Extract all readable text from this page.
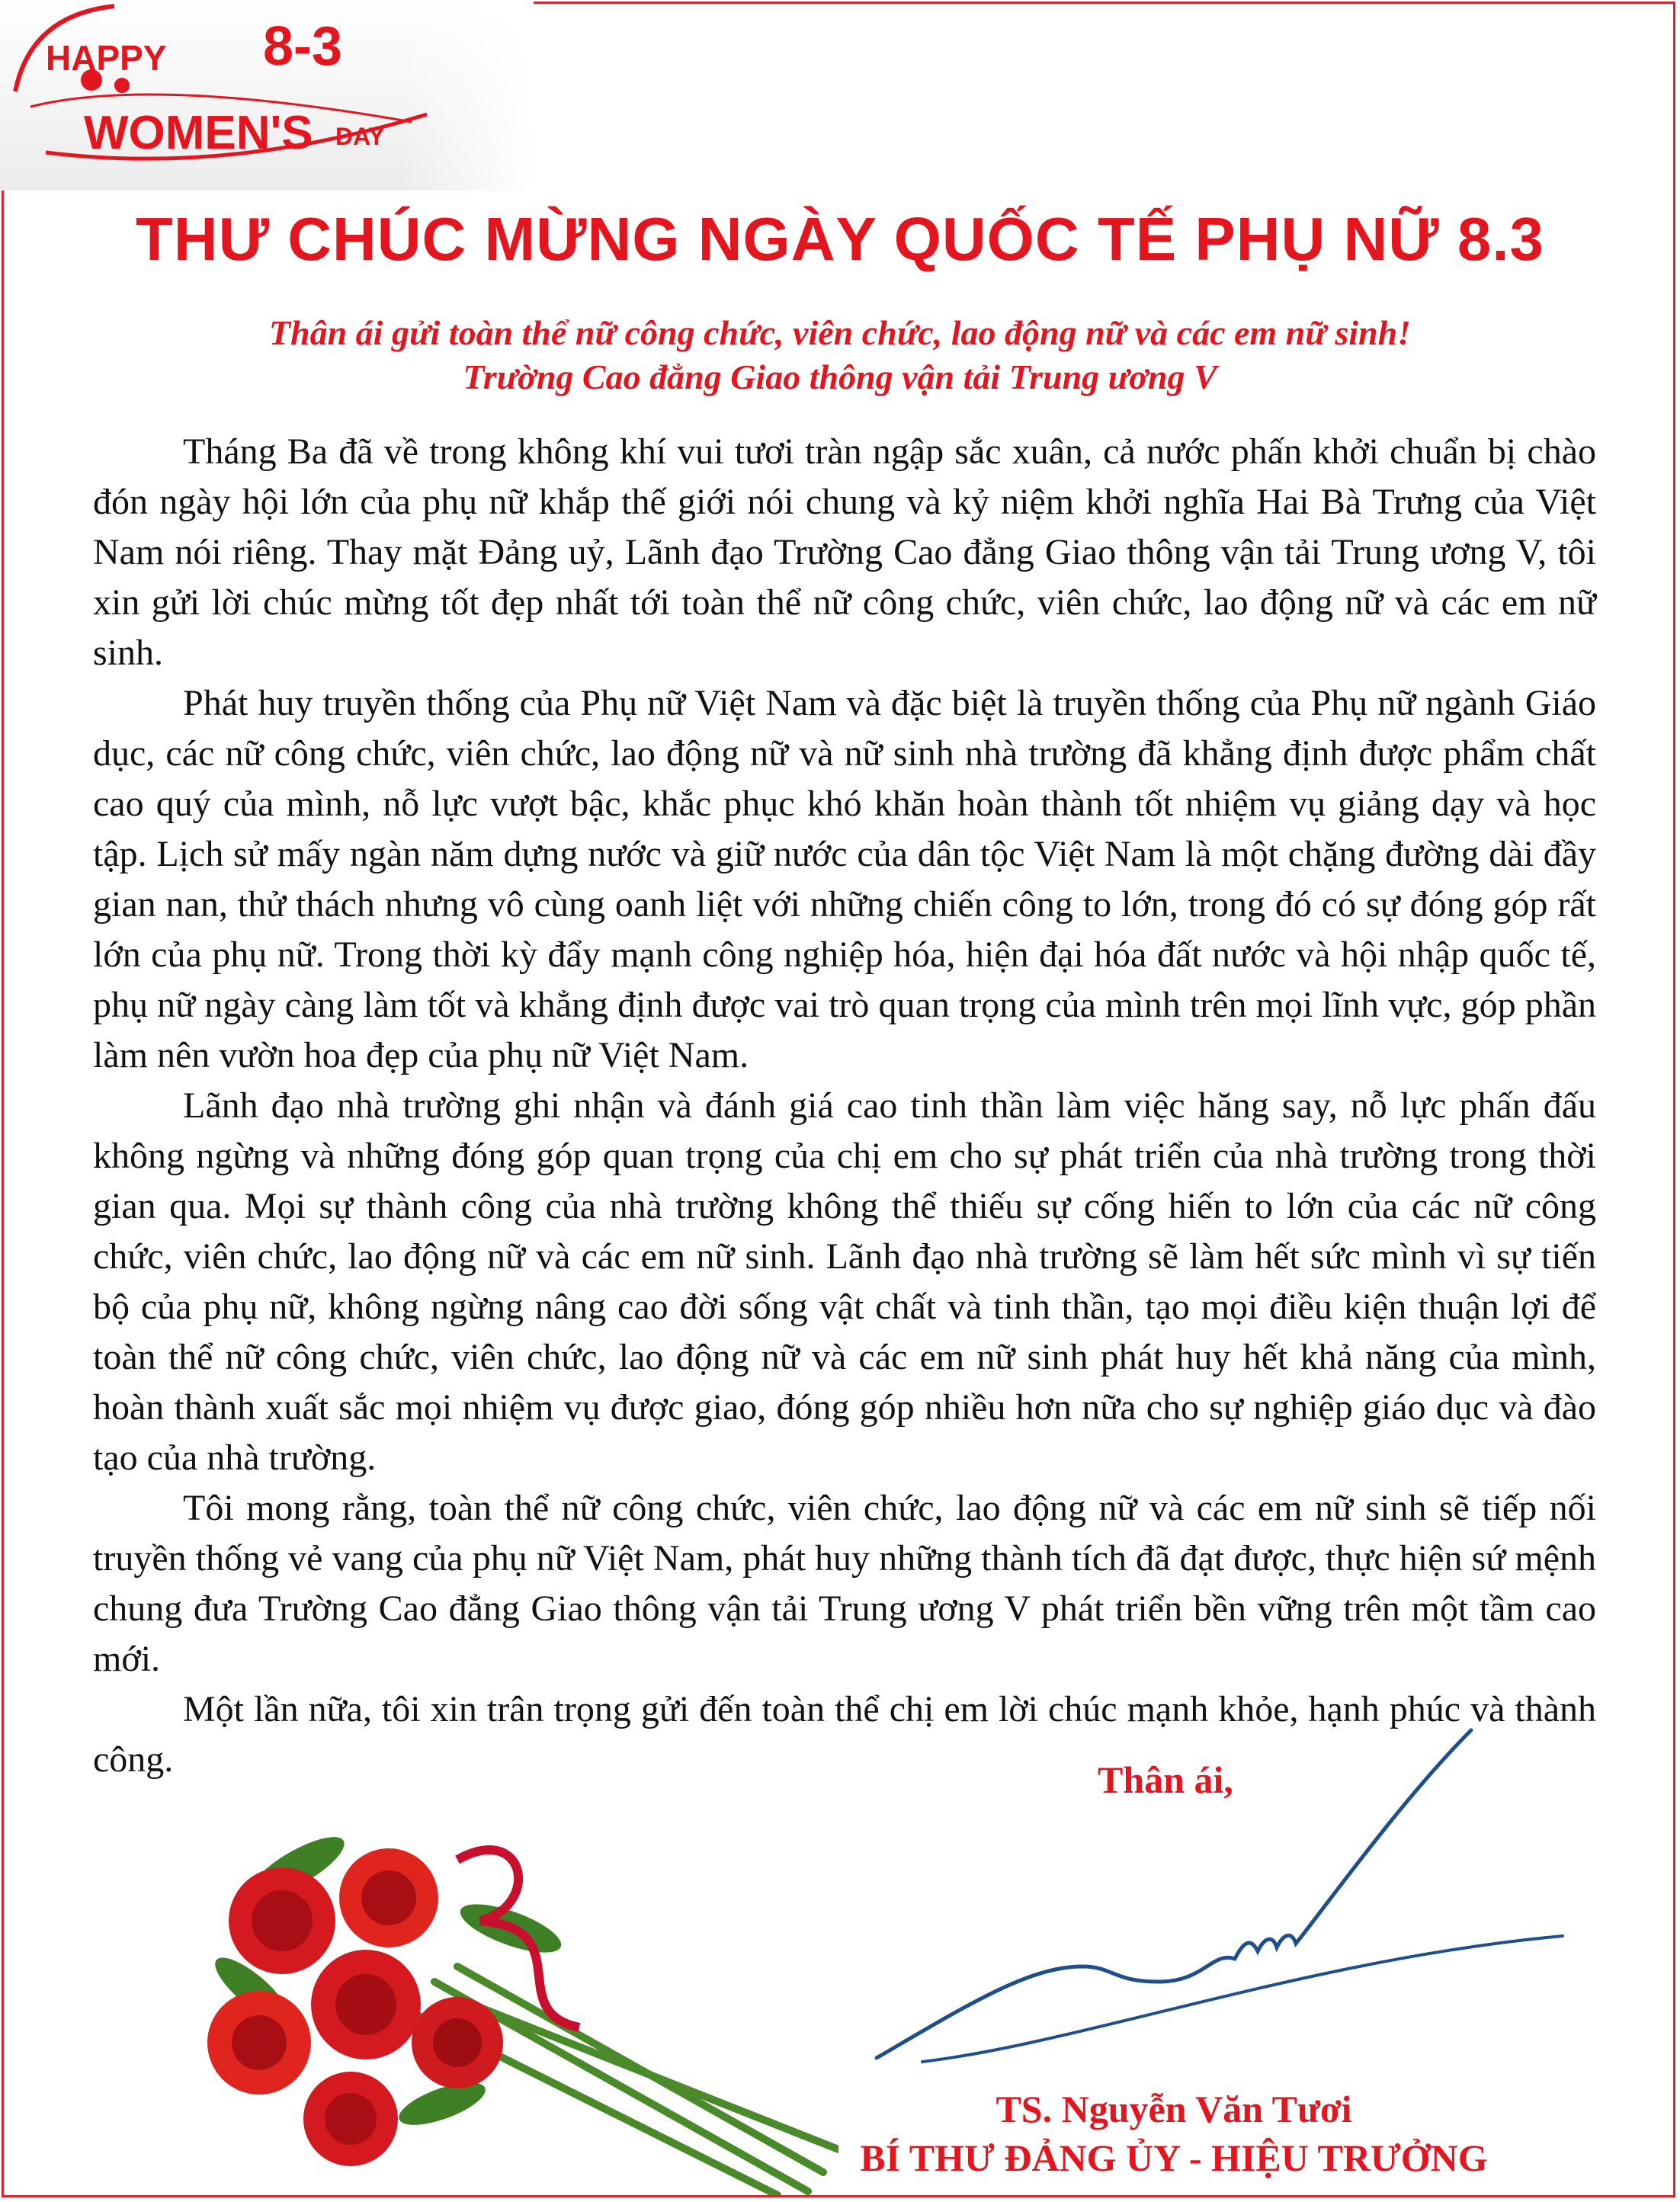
HAPPY 8-3
WOMEN'S DAY
THƯ CHÚC MỪNG NGÀY QUỐC TẾ PHỤ NỮ 8.3
Thân ái gửi toàn thể nữ công chức, viên chức, lao động nữ và các em nữ sinh!
Trường Cao đẳng Giao thông vận tải Trung ương V

Tháng Ba đã về trong không khí vui tươi tràn ngập sắc xuân, cả nước phấn khởi chuẩn bị chào đón ngày hội lớn của phụ nữ khắp thế giới nói chung và kỷ niệm khởi nghĩa Hai Bà Trưng của Việt Nam nói riêng. Thay mặt Đảng uỷ, Lãnh đạo Trường Cao đẳng Giao thông vận tải Trung ương V, tôi xin gửi lời chúc mừng tốt đẹp nhất tới toàn thể nữ công chức, viên chức, lao động nữ và các em nữ sinh.

Phát huy truyền thống của Phụ nữ Việt Nam và đặc biệt là truyền thống của Phụ nữ ngành Giáo dục, các nữ công chức, viên chức, lao động nữ và nữ sinh nhà trường đã khẳng định được phẩm chất cao quý của mình, nỗ lực vượt bậc, khắc phục khó khăn hoàn thành tốt nhiệm vụ giảng dạy và học tập. Lịch sử mấy ngàn năm dựng nước và giữ nước của dân tộc Việt Nam là một chặng đường dài đầy gian nan, thử thách nhưng vô cùng oanh liệt với những chiến công to lớn, trong đó có sự đóng góp rất lớn của phụ nữ. Trong thời kỳ đẩy mạnh công nghiệp hóa, hiện đại hóa đất nước và hội nhập quốc tế, phụ nữ ngày càng làm tốt và khẳng định được vai trò quan trọng của mình trên mọi lĩnh vực, góp phần làm nên vườn hoa đẹp của phụ nữ Việt Nam.

Lãnh đạo nhà trường ghi nhận và đánh giá cao tinh thần làm việc hăng say, nỗ lực phấn đấu không ngừng và những đóng góp quan trọng của chị em cho sự phát triển của nhà trường trong thời gian qua. Mọi sự thành công của nhà trường không thể thiếu sự cống hiến to lớn của các nữ công chức, viên chức, lao động nữ và các em nữ sinh. Lãnh đạo nhà trường sẽ làm hết sức mình vì sự tiến bộ của phụ nữ, không ngừng nâng cao đời sống vật chất và tinh thần, tạo mọi điều kiện thuận lợi để toàn thể nữ công chức, viên chức, lao động nữ và các em nữ sinh phát huy hết khả năng của mình, hoàn thành xuất sắc mọi nhiệm vụ được giao, đóng góp nhiều hơn nữa cho sự nghiệp giáo dục và đào tạo của nhà trường.

Tôi mong rằng, toàn thể nữ công chức, viên chức, lao động nữ và các em nữ sinh sẽ tiếp nối truyền thống vẻ vang của phụ nữ Việt Nam, phát huy những thành tích đã đạt được, thực hiện sứ mệnh chung đưa Trường Cao đẳng Giao thông vận tải Trung ương V phát triển bền vững trên một tầm cao mới.

Một lần nữa, tôi xin trân trọng gửi đến toàn thể chị em lời chúc mạnh khỏe, hạnh phúc và thành công.	Thân ái,
TS. Nguyễn Văn Tươi
BÍ THƯ ĐẢNG ỦY - HIỆU TRƯỞNG
